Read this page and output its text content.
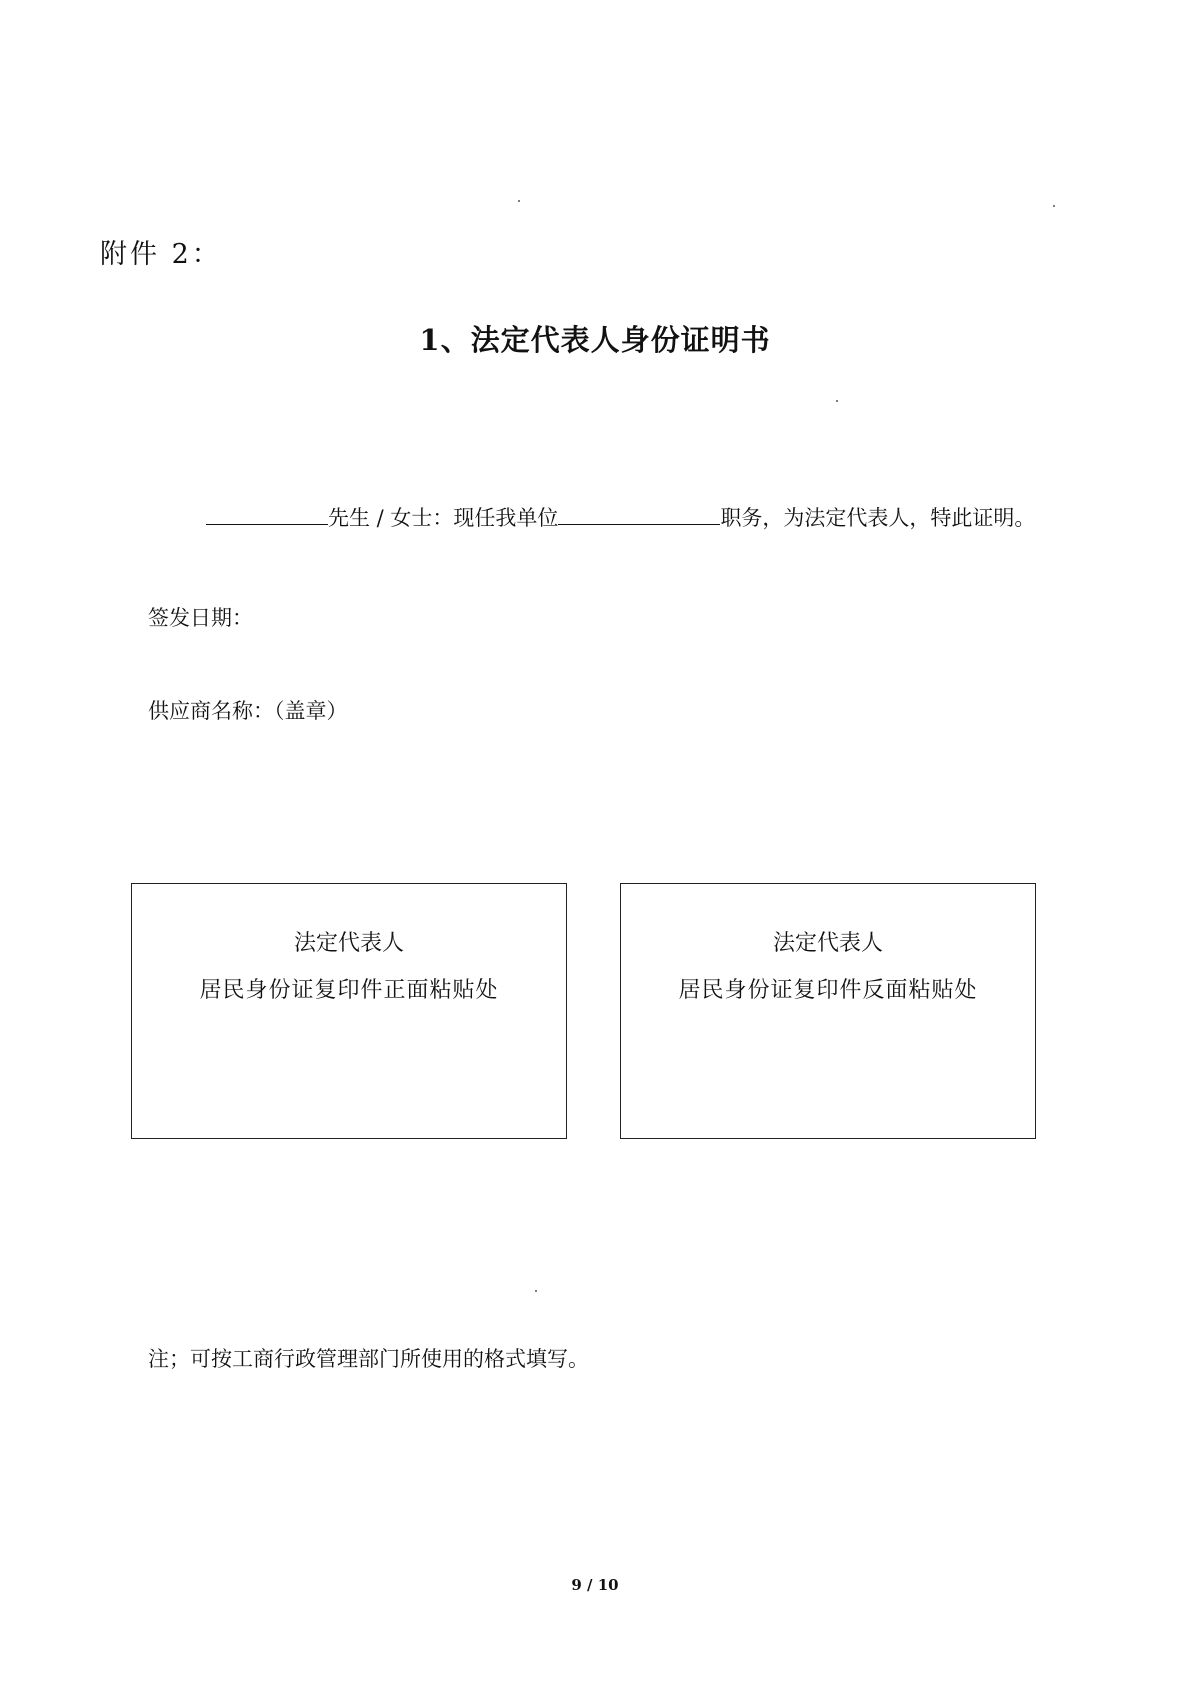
附件 2：
1、法定代表人身份证明书
先生 / 女士：现任我单位	职务，为法定代表人，特此证明。
签发日期：
供应商名称：（盖章）
法定代表人
居民身份证复印件正面粘贴处
法定代表人
居民身份证复印件反面粘贴处
注；可按工商行政管理部门所使用的格式填写。
9 / 10
